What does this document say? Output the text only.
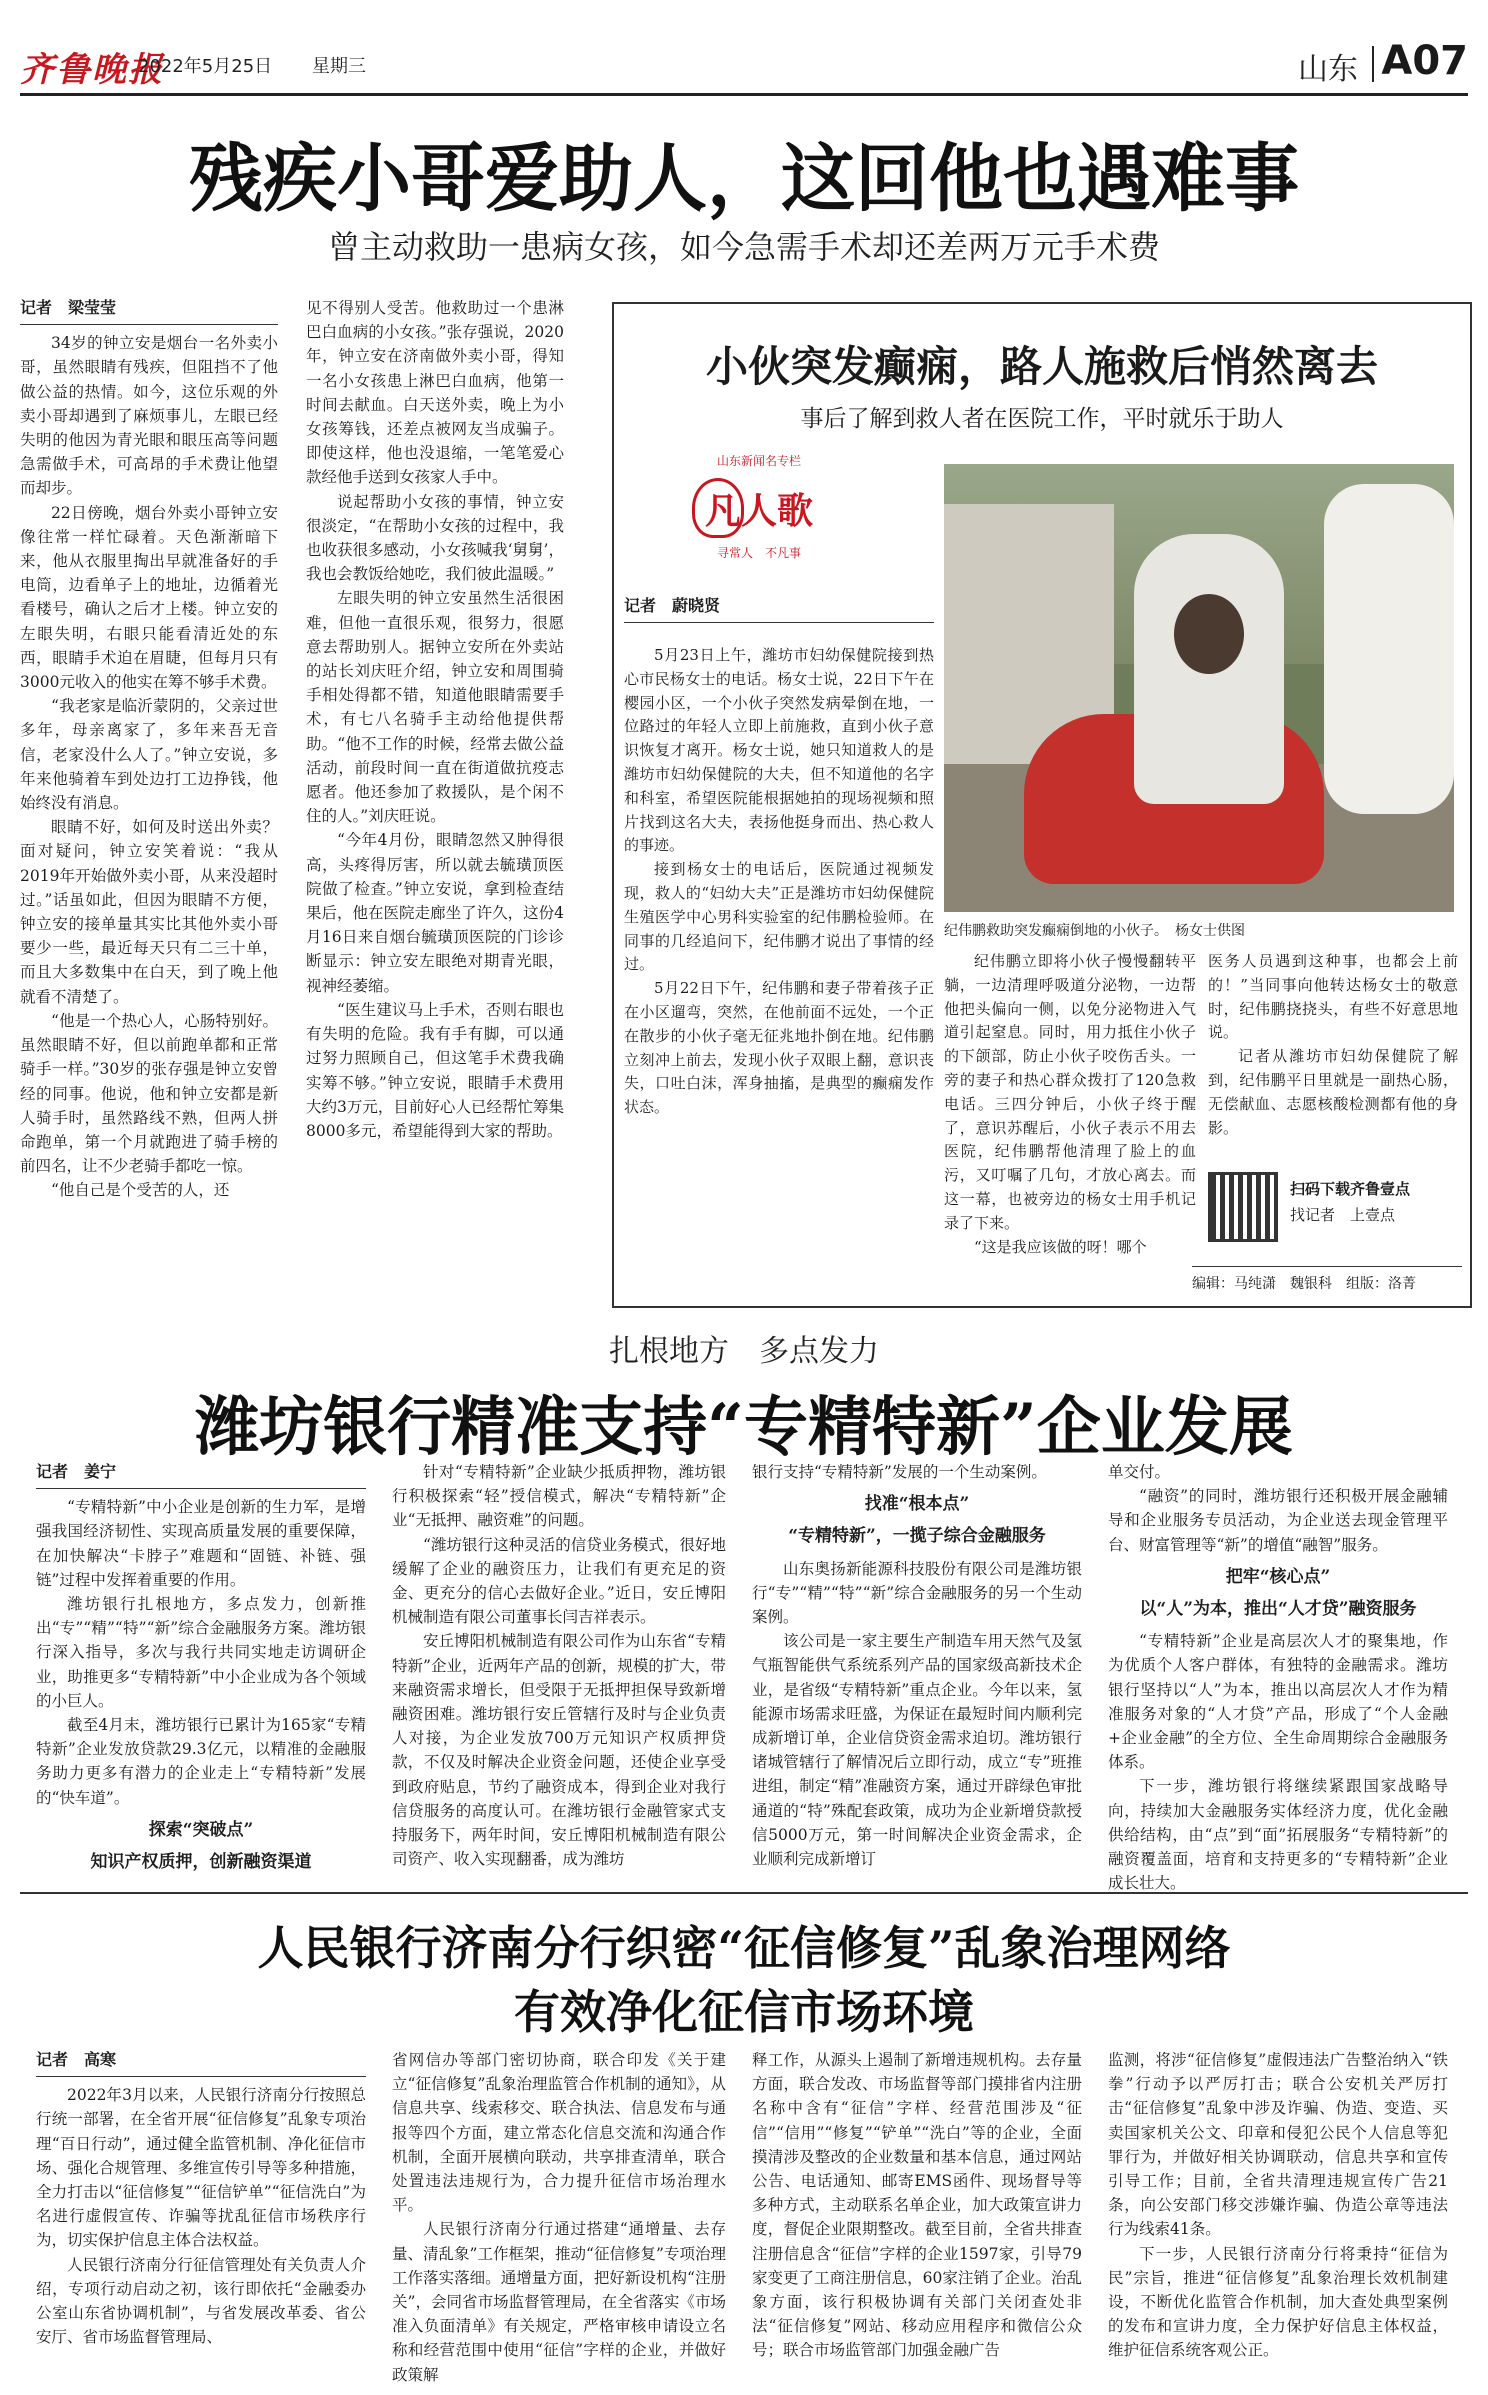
齐鲁晚报
2022年5月25日 星期三	山东 A07
残疾小哥爱助人，这回他也遇难事
曾主动救助一患病女孩，如今急需手术却还差两万元手术费

记者　梁莹莹

34岁的钟立安是烟台一名外卖小哥，虽然眼睛有残疾，但阻挡不了他做公益的热情。如今，这位乐观的外卖小哥却遇到了麻烦事儿，左眼已经失明的他因为青光眼和眼压高等问题急需做手术，可高昂的手术费让他望而却步。

22日傍晚，烟台外卖小哥钟立安像往常一样忙碌着。天色渐渐暗下来，他从衣服里掏出早就准备好的手电筒，边看单子上的地址，边循着光看楼号，确认之后才上楼。钟立安的左眼失明，右眼只能看清近处的东西，眼睛手术迫在眉睫，但每月只有3000元收入的他实在筹不够手术费。

“我老家是临沂蒙阴的，父亲过世多年，母亲离家了，多年来吾无音信，老家没什么人了。”钟立安说，多年来他骑着车到处边打工边挣钱，他始终没有消息。

眼睛不好，如何及时送出外卖？面对疑问，钟立安笑着说：“我从2019年开始做外卖小哥，从来没超时过。”话虽如此，但因为眼睛不方便，钟立安的接单量其实比其他外卖小哥要少一些，最近每天只有二三十单，而且大多数集中在白天，到了晚上他就看不清楚了。

“他是一个热心人，心肠特别好。虽然眼睛不好，但以前跑单都和正常骑手一样。”30岁的张存强是钟立安曾经的同事。他说，他和钟立安都是新人骑手时，虽然路线不熟，但两人拼命跑单，第一个月就跑进了骑手榜的前四名，让不少老骑手都吃一惊。

“他自己是个受苦的人，还

见不得别人受苦。他救助过一个患淋巴白血病的小女孩。”张存强说，2020年，钟立安在济南做外卖小哥，得知一名小女孩患上淋巴白血病，他第一时间去献血。白天送外卖，晚上为小女孩筹钱，还差点被网友当成骗子。即使这样，他也没退缩，一笔笔爱心款经他手送到女孩家人手中。

说起帮助小女孩的事情，钟立安很淡定，“在帮助小女孩的过程中，我也收获很多感动，小女孩喊我‘舅舅’，我也会教饭给她吃，我们彼此温暖。”

左眼失明的钟立安虽然生活很困难，但他一直很乐观，很努力，很愿意去帮助别人。据钟立安所在外卖站的站长刘庆旺介绍，钟立安和周围骑手相处得都不错，知道他眼睛需要手术，有七八名骑手主动给他提供帮助。“他不工作的时候，经常去做公益活动，前段时间一直在街道做抗疫志愿者。他还参加了救援队，是个闲不住的人。”刘庆旺说。

“今年4月份，眼睛忽然又肿得很高，头疼得厉害，所以就去毓璜顶医院做了检查。”钟立安说，拿到检查结果后，他在医院走廊坐了许久，这份4月16日来自烟台毓璜顶医院的门诊诊断显示：钟立安左眼绝对期青光眼，视神经萎缩。

“医生建议马上手术，否则右眼也有失明的危险。我有手有脚，可以通过努力照顾自己，但这笔手术费我确实筹不够。”钟立安说，眼睛手术费用大约3万元，目前好心人已经帮忙筹集8000多元，希望能得到大家的帮助。

小伙突发癫痫，路人施救后悄然离去
事后了解到救人者在医院工作，平时就乐于助人
山东新闻名专栏
凡人歌
寻常人　不凡事

记者　蔚晓贤

5月23日上午，潍坊市妇幼保健院接到热心市民杨女士的电话。杨女士说，22日下午在樱园小区，一个小伙子突然发病晕倒在地，一位路过的年轻人立即上前施救，直到小伙子意识恢复才离开。杨女士说，她只知道救人的是潍坊市妇幼保健院的大夫，但不知道他的名字和科室，希望医院能根据她拍的现场视频和照片找到这名大夫，表扬他挺身而出、热心救人的事迹。

接到杨女士的电话后，医院通过视频发现，救人的“妇幼大夫”正是潍坊市妇幼保健院生殖医学中心男科实验室的纪伟鹏检验师。在同事的几经追问下，纪伟鹏才说出了事情的经过。

5月22日下午，纪伟鹏和妻子带着孩子正在小区遛弯，突然，在他前面不远处，一个正在散步的小伙子毫无征兆地扑倒在地。纪伟鹏立刻冲上前去，发现小伙子双眼上翻，意识丧失，口吐白沫，浑身抽搐，是典型的癫痫发作状态。

纪伟鹏救助突发癫痫倒地的小伙子。　杨女士供图

纪伟鹏立即将小伙子慢慢翻转平躺，一边清理呼吸道分泌物，一边帮他把头偏向一侧，以免分泌物进入气道引起窒息。同时，用力抵住小伙子的下颌部，防止小伙子咬伤舌头。一旁的妻子和热心群众拨打了120急救电话。三四分钟后，小伙子终于醒了，意识苏醒后，小伙子表示不用去医院，纪伟鹏帮他清理了脸上的血污，又叮嘱了几句，才放心离去。而这一幕，也被旁边的杨女士用手机记录了下来。

“这是我应该做的呀！哪个

医务人员遇到这种事，也都会上前的！”当同事向他转达杨女士的敬意时，纪伟鹏挠挠头，有些不好意思地说。

记者从潍坊市妇幼保健院了解到，纪伟鹏平日里就是一副热心肠，无偿献血、志愿核酸检测都有他的身影。

扫码下载齐鲁壹点
找记者　上壹点
编辑：马纯潇　魏银科　组版：洛菁
扎根地方　多点发力
潍坊银行精准支持“专精特新”企业发展

记者　姜宁

“专精特新”中小企业是创新的生力军，是增强我国经济韧性、实现高质量发展的重要保障，在加快解决“卡脖子”难题和“固链、补链、强链”过程中发挥着重要的作用。

潍坊银行扎根地方，多点发力，创新推出“专”“精”“特”“新”综合金融服务方案。潍坊银行深入指导，多次与我行共同实地走访调研企业，助推更多“专精特新”中小企业成为各个领域的小巨人。

截至4月末，潍坊银行已累计为165家“专精特新”企业发放贷款29.3亿元，以精准的金融服务助力更多有潜力的企业走上“专精特新”发展的“快车道”。

探索“突破点”

知识产权质押，创新融资渠道

针对“专精特新”企业缺少抵质押物，潍坊银行积极探索“轻”授信模式，解决“专精特新”企业“无抵押、融资难”的问题。

“潍坊银行这种灵活的信贷业务模式，很好地缓解了企业的融资压力，让我们有更充足的资金、更充分的信心去做好企业。”近日，安丘博阳机械制造有限公司董事长闫吉祥表示。

安丘博阳机械制造有限公司作为山东省“专精特新”企业，近两年产品的创新，规模的扩大，带来融资需求增长，但受限于无抵押担保导致新增融资困难。潍坊银行安丘管辖行及时与企业负责人对接，为企业发放700万元知识产权质押贷款，不仅及时解决企业资金问题，还使企业享受到政府贴息，节约了融资成本，得到企业对我行信贷服务的高度认可。在潍坊银行金融管家式支持服务下，两年时间，安丘博阳机械制造有限公司资产、收入实现翻番，成为潍坊

银行支持“专精特新”发展的一个生动案例。

找准“根本点”

“专精特新”，一揽子综合金融服务

山东奥扬新能源科技股份有限公司是潍坊银行“专”“精”“特”“新”综合金融服务的另一个生动案例。

该公司是一家主要生产制造车用天然气及氢气瓶智能供气系统系列产品的国家级高新技术企业，是省级“专精特新”重点企业。今年以来，氢能源市场需求旺盛，为保证在最短时间内顺利完成新增订单，企业信贷资金需求迫切。潍坊银行诸城管辖行了解情况后立即行动，成立“专”班推进组，制定“精”准融资方案，通过开辟绿色审批通道的“特”殊配套政策，成功为企业新增贷款授信5000万元，第一时间解决企业资金需求，企业顺利完成新增订

单交付。

“融资”的同时，潍坊银行还积极开展金融辅导和企业服务专员活动，为企业送去现金管理平台、财富管理等“新”的增值“融智”服务。

把牢“核心点”

以“人”为本，推出“人才贷”融资服务

“专精特新”企业是高层次人才的聚集地，作为优质个人客户群体，有独特的金融需求。潍坊银行坚持以“人”为本，推出以高层次人才作为精准服务对象的“人才贷”产品，形成了“个人金融+企业金融”的全方位、全生命周期综合金融服务体系。

下一步，潍坊银行将继续紧跟国家战略导向，持续加大金融服务实体经济力度，优化金融供给结构，由“点”到“面”拓展服务“专精特新”的融资覆盖面，培育和支持更多的“专精特新”企业成长壮大。

人民银行济南分行织密“征信修复”乱象治理网络
有效净化征信市场环境

记者　高寒

2022年3月以来，人民银行济南分行按照总行统一部署，在全省开展“征信修复”乱象专项治理“百日行动”，通过健全监管机制、净化征信市场、强化合规管理、多维宣传引导等多种措施，全力打击以“征信修复”“征信铲单”“征信洗白”为名进行虚假宣传、诈骗等扰乱征信市场秩序行为，切实保护信息主体合法权益。

人民银行济南分行征信管理处有关负责人介绍，专项行动启动之初，该行即依托“金融委办公室山东省协调机制”，与省发展改革委、省公安厅、省市场监督管理局、

省网信办等部门密切协商，联合印发《关于建立“征信修复”乱象治理监管合作机制的通知》，从信息共享、线索移交、联合执法、信息发布与通报等四个方面，建立常态化信息交流和沟通合作机制，全面开展横向联动，共享排查清单，联合处置违法违规行为，合力提升征信市场治理水平。

人民银行济南分行通过搭建“通增量、去存量、清乱象”工作框架，推动“征信修复”专项治理工作落实落细。通增量方面，把好新设机构“注册关”，会同省市场监督管理局，在全省落实《市场准入负面清单》有关规定，严格审核申请设立名称和经营范围中使用“征信”字样的企业，并做好政策解

释工作，从源头上遏制了新增违规机构。去存量方面，联合发改、市场监督等部门摸排省内注册名称中含有“征信”字样、经营范围涉及“征信”“信用”“修复”“铲单”“洗白”等的企业，全面摸清涉及整改的企业数量和基本信息，通过网站公告、电话通知、邮寄EMS函件、现场督导等多种方式，主动联系名单企业，加大政策宣讲力度，督促企业限期整改。截至目前，全省共排查注册信息含“征信”字样的企业1597家，引导79家变更了工商注册信息，60家注销了企业。治乱象方面，该行积极协调有关部门关闭查处非法“征信修复”网站、移动应用程序和微信公众号；联合市场监管部门加强金融广告

监测，将涉“征信修复”虚假违法广告整治纳入“铁拳”行动予以严厉打击；联合公安机关严厉打击“征信修复”乱象中涉及诈骗、伪造、变造、买卖国家机关公文、印章和侵犯公民个人信息等犯罪行为，并做好相关协调联动，信息共享和宣传引导工作；目前，全省共清理违规宣传广告21条，向公安部门移交涉嫌诈骗、伪造公章等违法行为线索41条。

下一步，人民银行济南分行将秉持“征信为民”宗旨，推进“征信修复”乱象治理长效机制建设，不断优化监管合作机制，加大查处典型案例的发布和宣讲力度，全力保护好信息主体权益，维护征信系统客观公正。
